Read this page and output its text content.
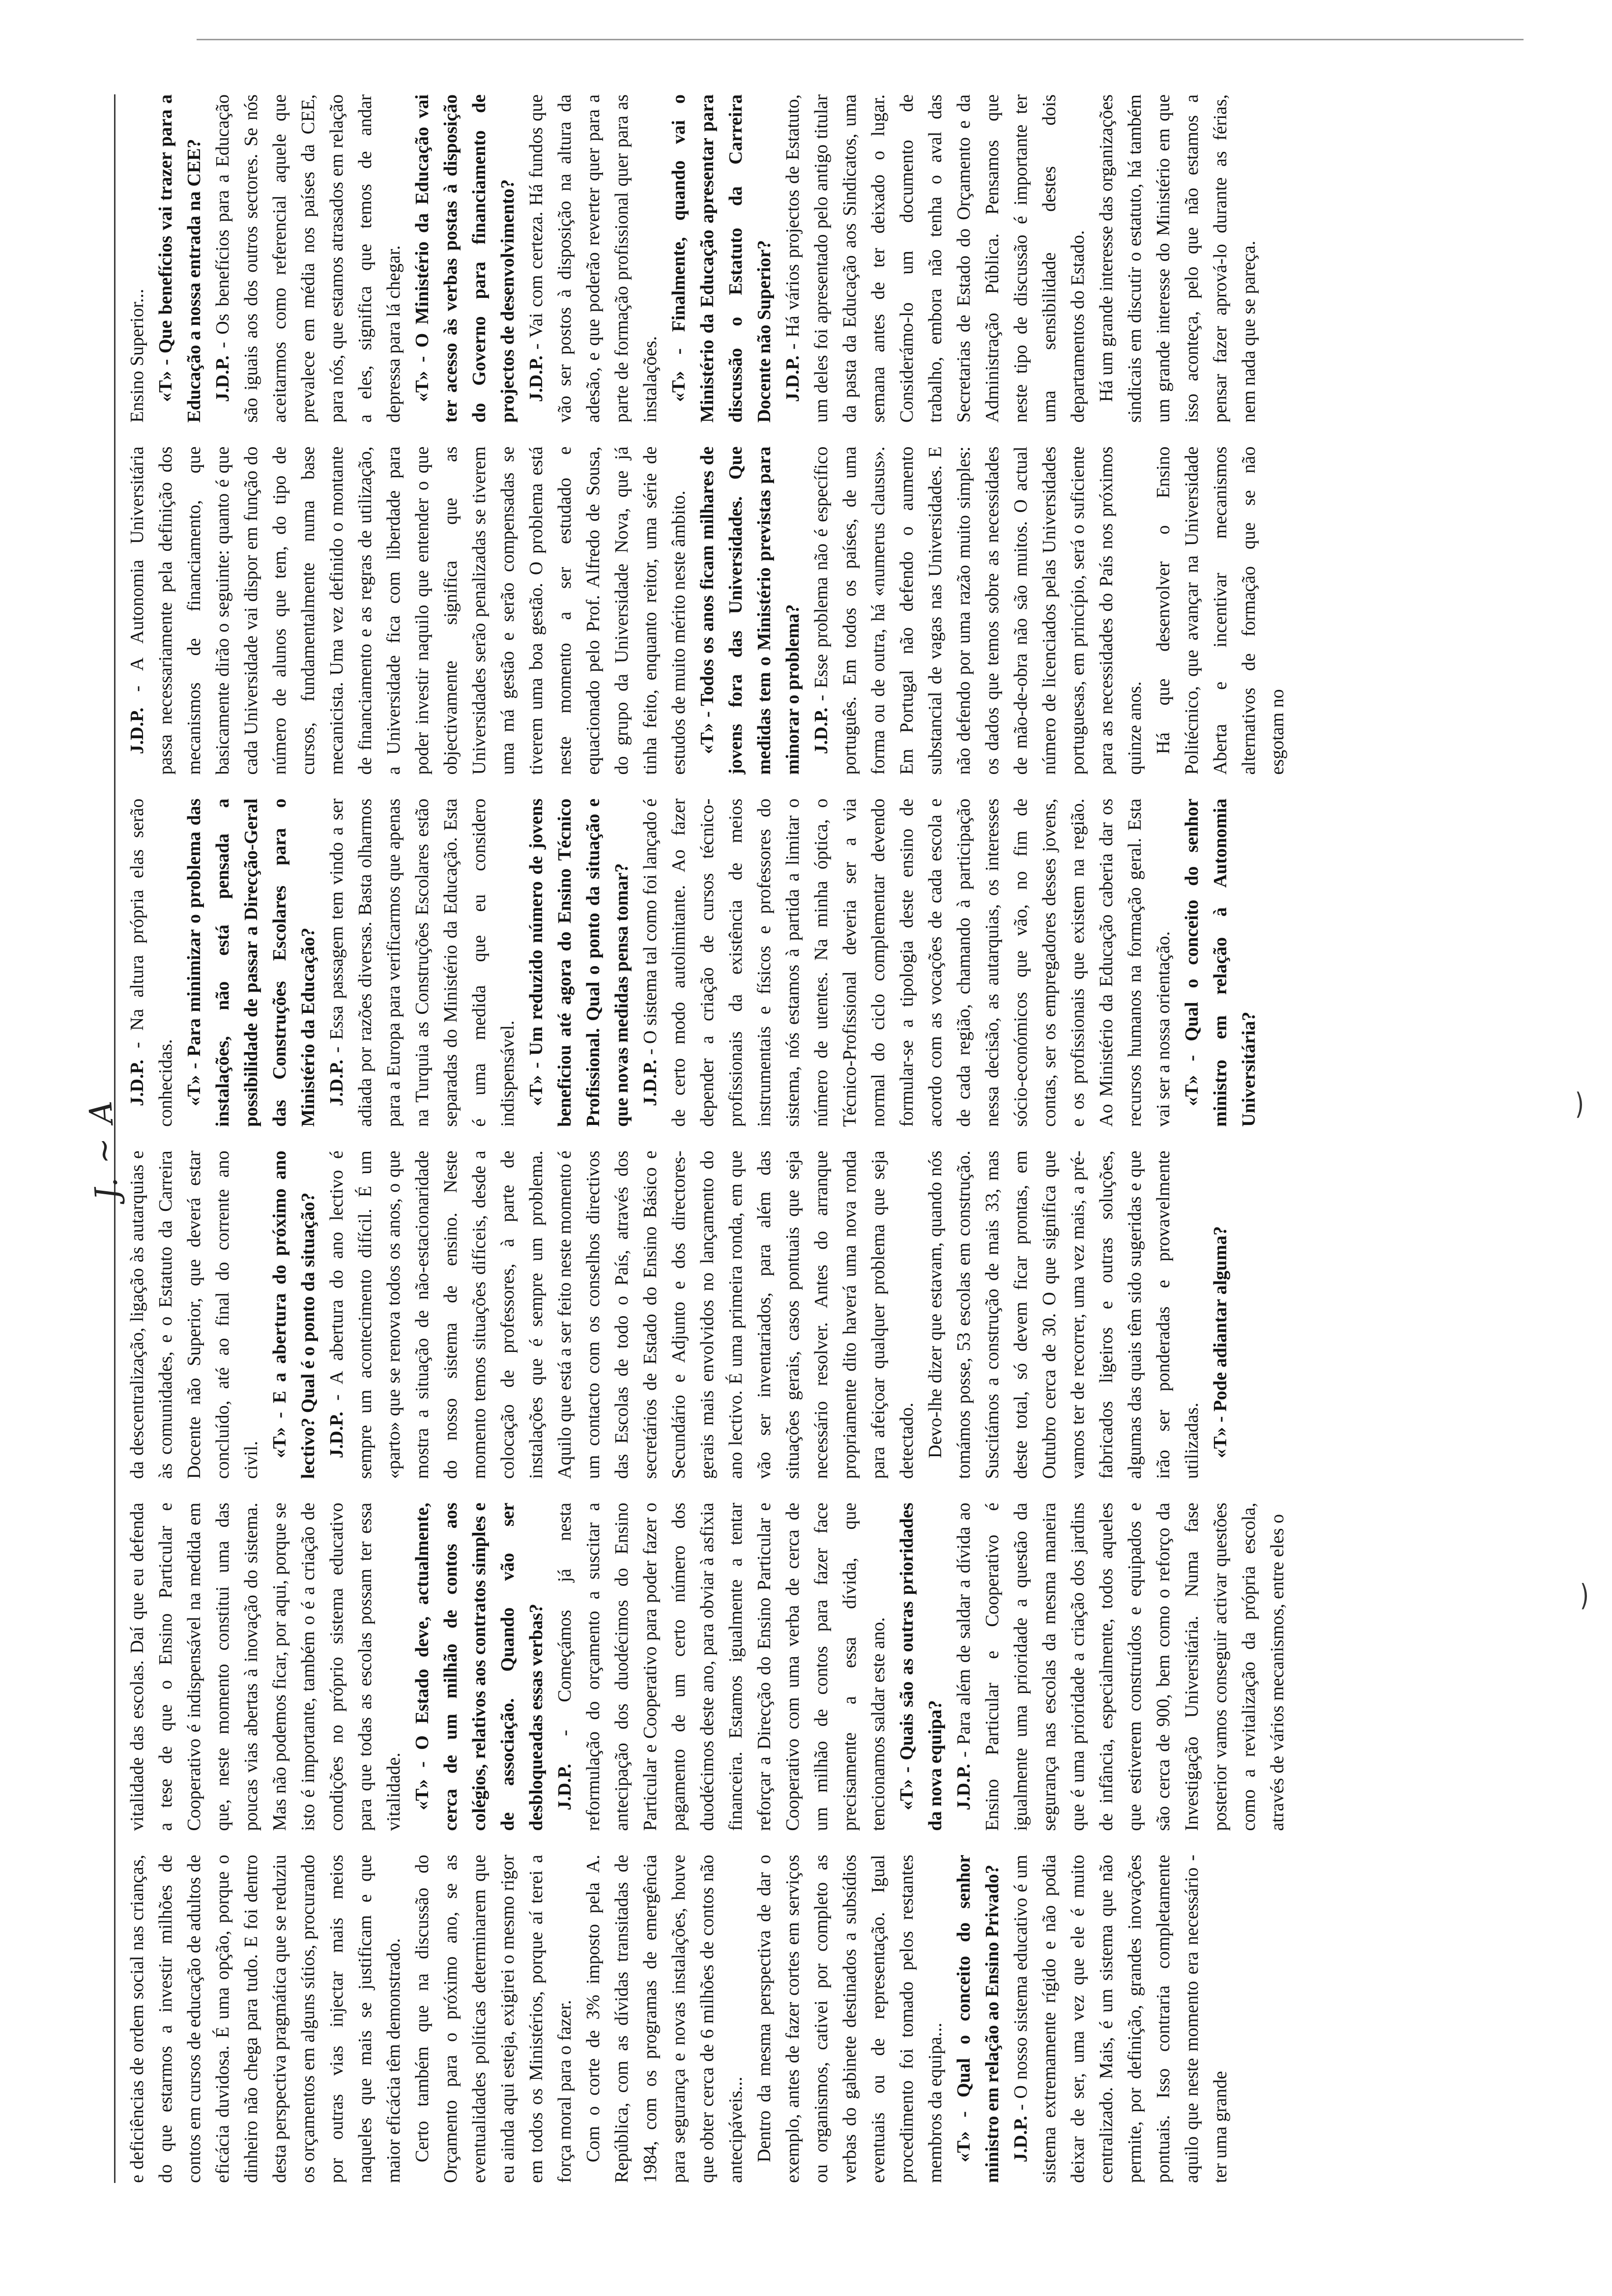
‿
‿
J. ~ A

e deficiências de ordem social nas crianças, do que estarmos a investir milhões de contos em cursos de educação de adultos de eficácia duvidosa. É uma opção, porque o dinheiro não chega para tudo. E foi dentro desta perspectiva pragmática que se reduziu os orçamentos em alguns sítios, procurando por outras vias injectar mais meios naqueles que mais se justificam e que maior eficácia têm demonstrado. Certo também que na discussão do Orçamento para o próximo ano, se as eventualidades políticas determinarem que eu ainda aqui esteja, exigirei o mesmo rigor em todos os Ministérios, porque aí terei a força moral para o fazer. Com o corte de 3% imposto pela A. República, com as dívidas transitadas de 1984, com os programas de emergência para segurança e novas instalações, houve que obter cerca de 6 milhões de contos não antecipáveis... Dentro da mesma perspectiva de dar o exemplo, antes de fazer cortes em serviços ou organismos, cativei por completo as verbas do gabinete destinados a subsídios eventuais ou de representação. Igual procedimento foi tomado pelos restantes membros da equipa... «T» - Qual o conceito do senhor ministro em relação ao Ensino Privado? J.D.P. - O nosso sistema educativo é um sistema extremamente rígido e não podia deixar de ser, uma vez que ele é muito centralizado. Mais, é um sistema que não permite, por definição, grandes inovações pontuais. Isso contraria completamente aquilo que neste momento era necessário - ter uma grande

vitalidade das escolas. Daí que eu defenda a tese de que o Ensino Particular e Cooperativo é indispensável na medida em que, neste momento constitui uma das poucas vias abertas à inovação do sistema. Mas não podemos ficar, por aqui, porque se isto é importante, também o é a criação de condições no próprio sistema educativo para que todas as escolas possam ter essa vitalidade. «T» - O Estado deve, actualmente, cerca de um milhão de contos aos colégios, relativos aos contratos simples e de associação. Quando vão ser desbloqueadas essas verbas? J.D.P. - Começámos já nesta reformulação do orçamento a suscitar a antecipação dos duodécimos do Ensino Particular e Cooperativo para poder fazer o pagamento de um certo número dos duodécimos deste ano, para obviar à asfixia financeira. Estamos igualmente a tentar reforçar a Direcção do Ensino Particular e Cooperativo com uma verba de cerca de um milhão de contos para fazer face precisamente a essa dívida, que tencionamos saldar este ano. «T» - Quais são as outras prioridades da nova equipa? J.D.P. - Para além de saldar a dívida ao Ensino Particular e Cooperativo é igualmente uma prioridade a questão da segurança nas escolas da mesma maneira que é uma prioridade a criação dos jardins de infância, especialmente, todos aqueles que estiverem construídos e equipados e são cerca de 900, bem como o reforço da Investigação Universitária. Numa fase posterior vamos conseguir activar questões como a revitalização da própria escola, através de vários mecanismos, entre eles o

da descentralização, ligação às autarquias e às comunidades, e o Estatuto da Carreira Docente não Superior, que deverá estar concluído, até ao final do corrente ano civil.

«T» - E a abertura do próximo ano lectivo? Qual é o ponto da situação? J.D.P. - A abertura do ano lectivo é sempre um acontecimento difícil. É um «parto» que se renova todos os anos, o que mostra a situação de não-estacionaridade do nosso sistema de ensino. Neste momento temos situações difíceis, desde a colocação de professores, à parte de instalações que é sempre um problema. Aquilo que está a ser feito neste momento é um contacto com os conselhos directivos das Escolas de todo o País, através dos secretários de Estado do Ensino Básico e Secundário e Adjunto e dos directores-gerais mais envolvidos no lançamento do ano lectivo. É uma primeira ronda, em que vão ser inventariados, para além das situações gerais, casos pontuais que seja necessário resolver. Antes do arranque propriamente dito haverá uma nova ronda para afeiçoar qualquer problema que seja detectado. Devo-lhe dizer que estavam, quando nós tomámos posse, 53 escolas em construção. Suscitámos a construção de mais 33, mas deste total, só devem ficar prontas, em Outubro cerca de 30. O que significa que vamos ter de recorrer, uma vez mais, a pré-fabricados ligeiros e outras soluções, algumas das quais têm sido sugeridas e que irão ser ponderadas e provavelmente utilizadas. «T» - Pode adiantar alguma?

J.D.P. - Na altura própria elas serão conhecidas. «T» - Para minimizar o problema das instalações, não está pensada a possibilidade de passar a Direcção-Geral das Construções Escolares para o Ministério da Educação? J.D.P. - Essa passagem tem vindo a ser adiada por razões diversas. Basta olharmos para a Europa para verificarmos que apenas na Turquia as Construções Escolares estão separadas do Ministério da Educação. Esta é uma medida que eu considero indispensável. «T» - Um reduzido número de jovens beneficiou até agora do Ensino Técnico Profissional. Qual o ponto da situação e que novas medidas pensa tomar? J.D.P. - O sistema tal como foi lançado é de certo modo autolimitante. Ao fazer depender a criação de cursos técnico-profissionais da existência de meios instrumentais e físicos e professores do sistema, nós estamos à partida a limitar o número de utentes. Na minha óptica, o Técnico-Profissional deveria ser a via normal do ciclo complementar devendo formular-se a tipologia deste ensino de acordo com as vocações de cada escola e de cada região, chamando à participação nessa decisão, as autarquias, os interesses sócio-económicos que vão, no fim de contas, ser os empregadores desses jovens, e os profissionais que existem na região. Ao Ministério da Educação caberia dar os recursos humanos na formação geral. Esta vai ser a nossa orientação. «T» - Qual o conceito do senhor ministro em relação à Autonomia Universitária?

J.D.P. - A Autonomia Universitária passa necessariamente pela definição dos mecanismos de financiamento, que basicamente dirão o seguinte: quanto é que cada Universidade vai dispor em função do número de alunos que tem, do tipo de cursos, fundamentalmente numa base mecanicista. Uma vez definido o montante de financiamento e as regras de utilização, a Universidade fica com liberdade para poder investir naquilo que entender o que objectivamente significa que as Universidades serão penalizadas se tiverem uma má gestão e serão compensadas se tiverem uma boa gestão. O problema está neste momento a ser estudado e equacionado pelo Prof. Alfredo de Sousa, do grupo da Universidade Nova, que já tinha feito, enquanto reitor, uma série de estudos de muito mérito neste âmbito. «T» - Todos os anos ficam milhares de jovens fora das Universidades. Que medidas tem o Ministério previstas para minorar o problema? J.D.P. - Esse problema não é específico português. Em todos os países, de uma forma ou de outra, há «numerus clausus». Em Portugal não defendo o aumento substancial de vagas nas Universidades. E não defendo por uma razão muito simples: os dados que temos sobre as necessidades de mão-de-obra não são muitos. O actual número de licenciados pelas Universidades portuguesas, em princípio, será o suficiente para as necessidades do País nos próximos quinze anos. Há que desenvolver o Ensino Politécnico, que avançar na Universidade Aberta e incentivar mecanismos alternativos de formação que se não esgotam no

Ensino Superior... «T» - Que benefícios vai trazer para a Educação a nossa entrada na CEE? J.D.P. - Os benefícios para a Educação são iguais aos dos outros sectores. Se nós aceitarmos como referencial aquele que prevalece em média nos países da CEE, para nós, que estamos atrasados em relação a eles, significa que temos de andar depressa para lá chegar. «T» - O Ministério da Educação vai ter acesso às verbas postas à disposição do Governo para financiamento de projectos de desenvolvimento? J.D.P. - Vai com certeza. Há fundos que vão ser postos à disposição na altura da adesão, e que poderão reverter quer para a parte de formação profissional quer para as instalações. «T» - Finalmente, quando vai o Ministério da Educação apresentar para discussão o Estatuto da Carreira Docente não Superior? J.D.P. - Há vários projectos de Estatuto, um deles foi apresentado pelo antigo titular da pasta da Educação aos Sindicatos, uma semana antes de ter deixado o lugar. Considerámo-lo um documento de trabalho, embora não tenha o aval das Secretarias de Estado do Orçamento e da Administração Pública. Pensamos que neste tipo de discussão é importante ter uma sensibilidade destes dois departamentos do Estado. Há um grande interesse das organizações sindicais em discutir o estatuto, há também um grande interesse do Ministério em que isso aconteça, pelo que não estamos a pensar fazer aprová-lo durante as férias, nem nada que se pareça.
